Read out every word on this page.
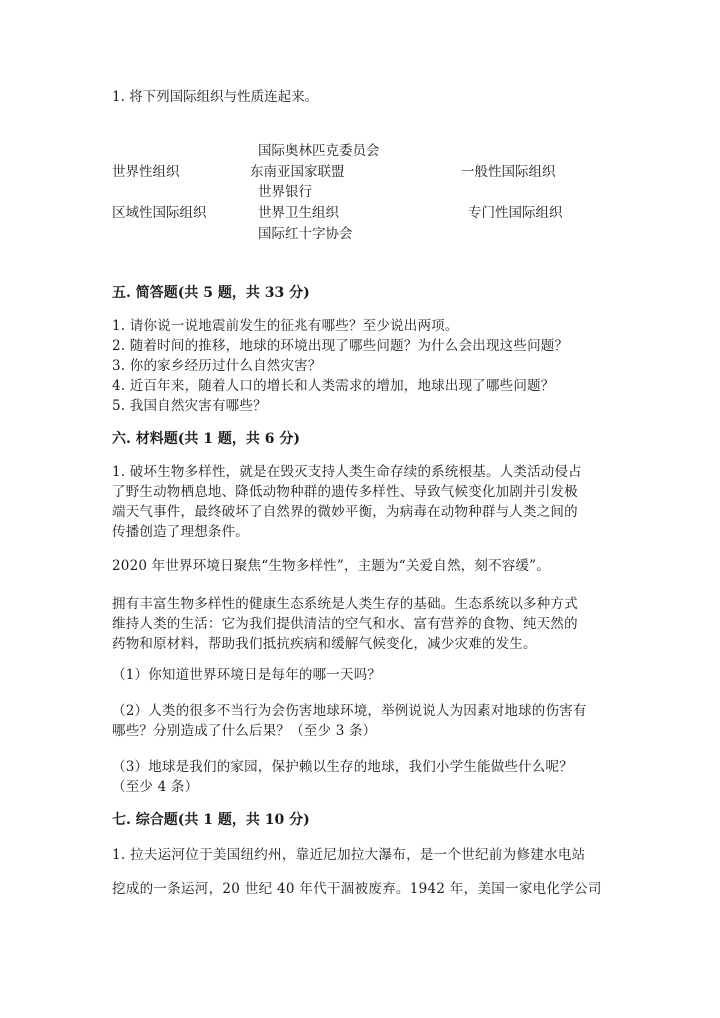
1. 将下列国际组织与性质连起来。
世界性组织
区域性国际组织
国际奥林匹克委员会
东南亚国家联盟
世界银行
世界卫生组织
国际红十字协会
一般性国际组织
专门性国际组织
五. 简答题(共 5 题，共 33 分)
1. 请你说一说地震前发生的征兆有哪些？至少说出两项。
2. 随着时间的推移，地球的环境出现了哪些问题？为什么会出现这些问题？
3. 你的家乡经历过什么自然灾害？
4. 近百年来，随着人口的增长和人类需求的增加，地球出现了哪些问题？
5. 我国自然灾害有哪些？
六. 材料题(共 1 题，共 6 分)
1. 破坏生物多样性，就是在毁灭支持人类生命存续的系统根基。人类活动侵占
了野生动物栖息地、降低动物种群的遗传多样性、导致气候变化加剧并引发极
端天气事件，最终破坏了自然界的微妙平衡，为病毒在动物种群与人类之间的
传播创造了理想条件。
2020 年世界环境日聚焦“生物多样性”，主题为“关爱自然，刻不容缓”。
拥有丰富生物多样性的健康生态系统是人类生存的基础。生态系统以多种方式
维持人类的生活：它为我们提供清洁的空气和水、富有营养的食物、纯天然的
药物和原材料，帮助我们抵抗疾病和缓解气候变化，减少灾难的发生。
（1）你知道世界环境日是每年的哪一天吗？
（2）人类的很多不当行为会伤害地球环境，举例说说人为因素对地球的伤害有
哪些？分别造成了什么后果？（至少 3 条）
（3）地球是我们的家园，保护赖以生存的地球，我们小学生能做些什么呢？
（至少 4 条）
七. 综合题(共 1 题，共 10 分)
1. 拉夫运河位于美国纽约州，靠近尼加拉大瀑布，是一个世纪前为修建水电站
挖成的一条运河，20 世纪 40 年代干涸被废弃。1942 年，美国一家电化学公司
